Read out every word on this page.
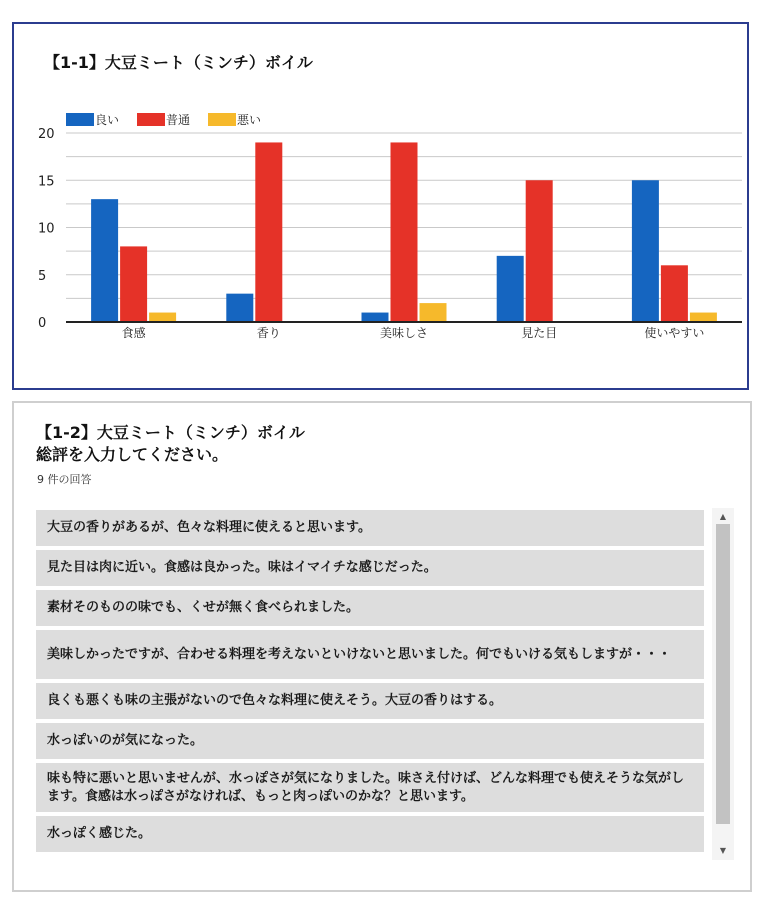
【1-1】大豆ミート（ミンチ）ボイル
0
5
10
15
20
食感	香り	美味しさ	見た目	使いやすい
良い	普通	悪い
【1-2】大豆ミート（ミンチ）ボイル
総評を入力してください。
9 件の回答
大豆の香りがあるが、色々な料理に使えると思います。
見た目は肉に近い。食感は良かった。味はイマイチな感じだった。
素材そのものの味でも、くせが無く食べられました。
美味しかったですが、合わせる料理を考えないといけないと思いました。何でもいける気もしますが・・・
良くも悪くも味の主張がないので色々な料理に使えそう。大豆の香りはする。
水っぽいのが気になった。
味も特に悪いと思いませんが、水っぽさが気になりました。味さえ付けば、どんな料理でも使えそうな気がします。食感は水っぽさがなければ、もっと肉っぽいのかな？と思います。
水っぽく感じた。
▲
▼
